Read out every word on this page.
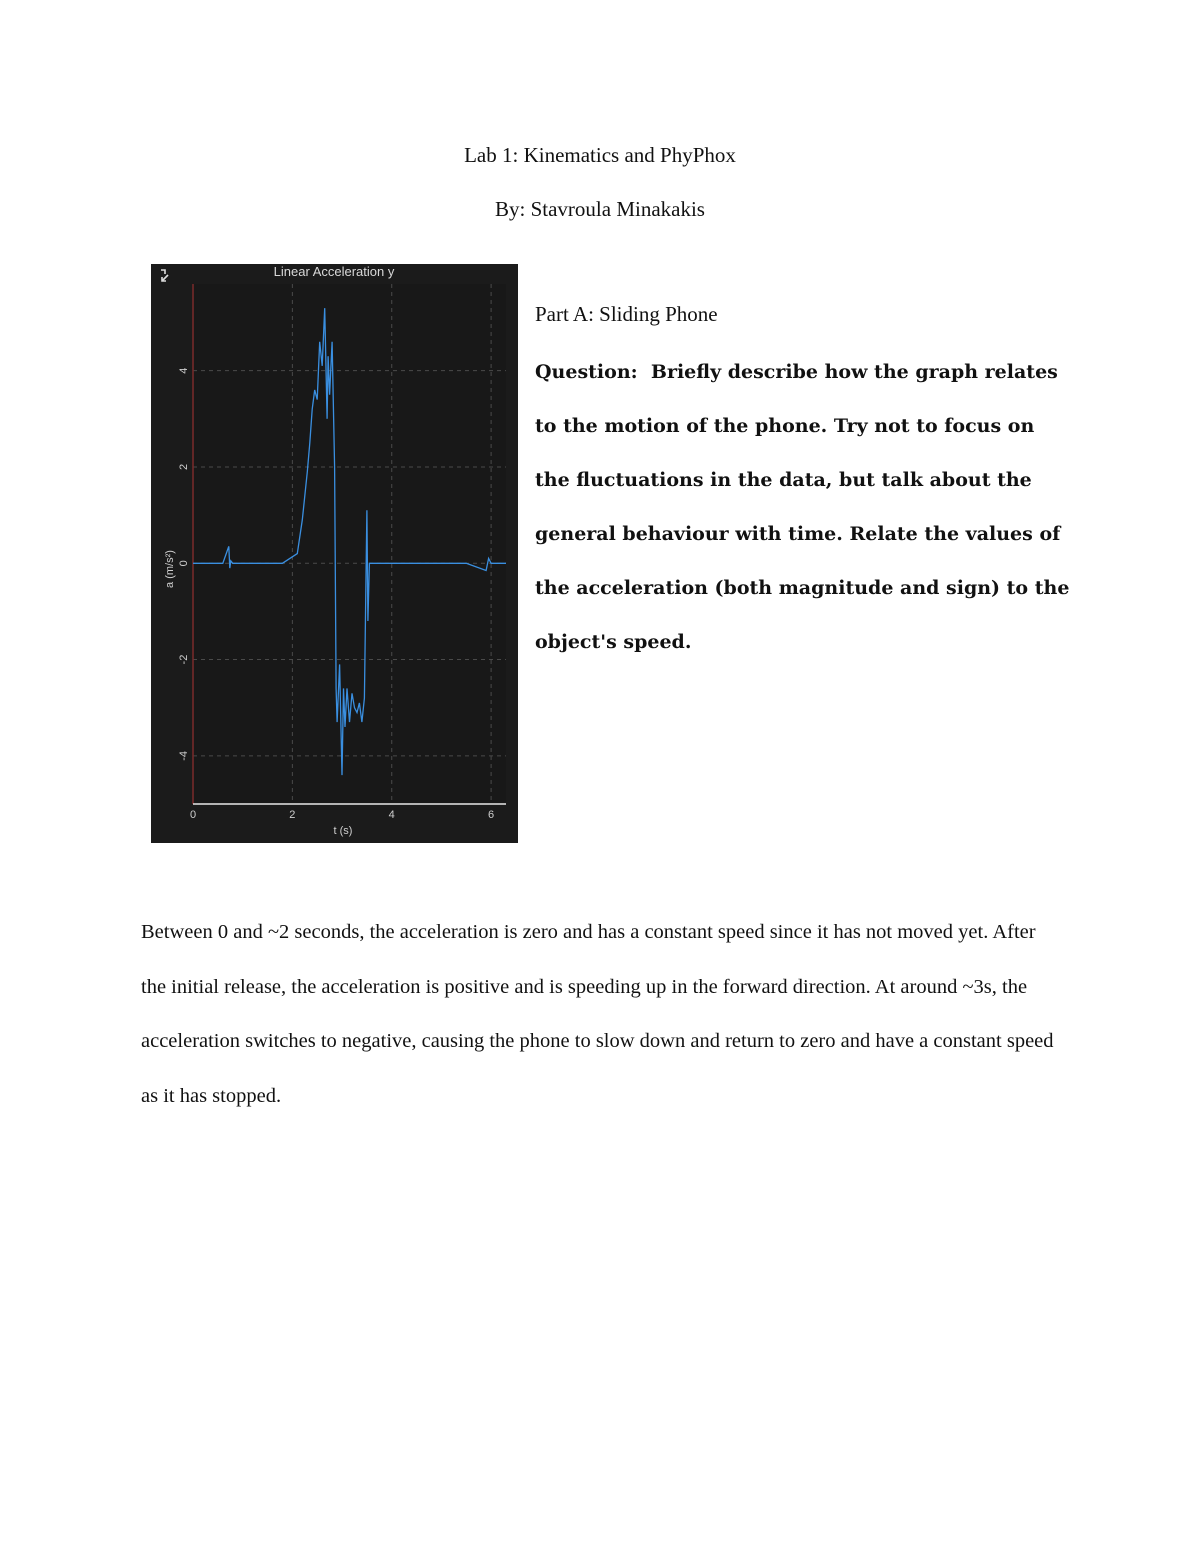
Lab 1: Kinematics and PhyPhox
By: Stavroula Minakakis
Linear Acceleration y
0	2	4	6
-4
-2
0
2
4
t (s)
a (m/s²)

Part A: Sliding Phone

Question: Briefly describe how the graph relates to the motion of the phone. Try not to focus on the fluctuations in the data, but talk about the general behaviour with time. Relate the values of the acceleration (both magnitude and sign) to the object's speed.

Between 0 and ~2 seconds, the acceleration is zero and has a constant speed since it has not moved yet. After the initial release, the acceleration is positive and is speeding up in the forward direction. At around ~3s, the acceleration switches to negative, causing the phone to slow down and return to zero and have a constant speed as it has stopped.
